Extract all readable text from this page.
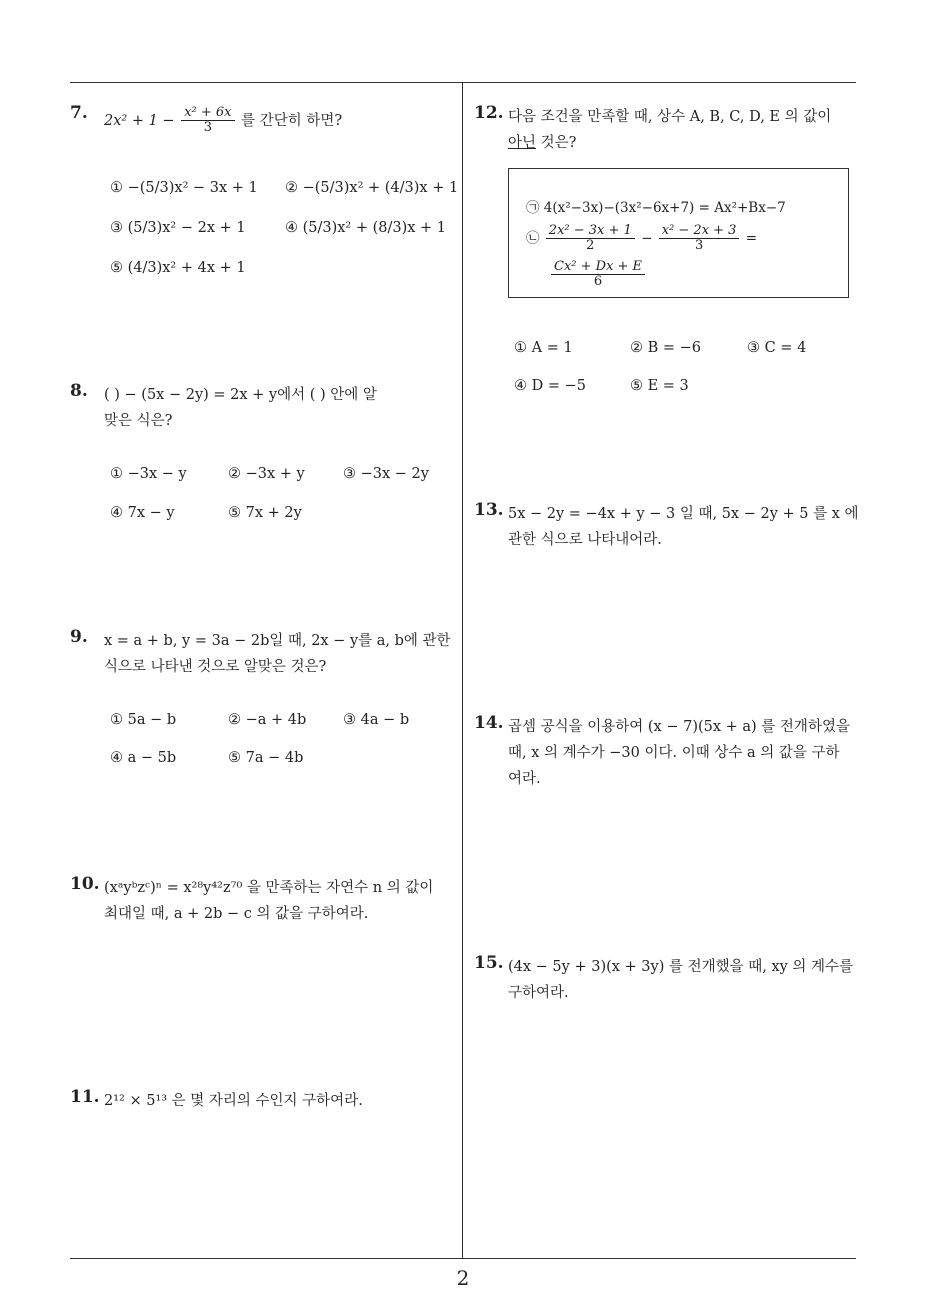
7. $2x^2 + 1 - \frac{\text{x² + 6x}}{3}$ 를 간단히 하면?
① −(5/3)x² − 3x + 1 ② −(5/3)x² + (4/3)x + 1
③ (5/3)x² − 2x + 1	④ (5/3)x² + (8/3)x + 1
⑤ (4/3)x² + 4x + 1
8. ( ) − (5x − 2y) = 2x + y에서 ( ) 안에 알
맞은 식은?
① −3x − y	② −3x + y	③ −3x − 2y
④ 7x − y	⑤ 7x + 2y
9. x = a + b, y = 3a − 2b일 때, 2x − y를 a, b에 관한
식으로 나타낸 것으로 알맞은 것은?
① 5a − b	② −a + 4b	③ 4a − b
④ a − 5b	⑤ 7a − 4b
10. (xᵃyᵇzᶜ)ⁿ = x²⁸y⁴²z⁷⁰ 을 만족하는 자연수 n 의 값이
최대일 때, a + 2b − c 의 값을 구하여라.
11. 2¹² × 5¹³ 은 몇 자리의 수인지 구하여라.
12. 다음 조건을 만족할 때, 상수 A, B, C, D, E 의 값이
아닌 것은?
㉠ 4(x²−3x)−(3x²−6x+7) = Ax²+Bx−7
㉡ $\frac{\text{2x² − 3x + 1}}{2} - \frac{\text{x² − 2x + 3}}{3}$ =
$\frac{\text{Cx² + Dx + E}}{6}$
① A = 1	② B = −6	③ C = 4
④ D = −5	⑤ E = 3
13. 5x − 2y = −4x + y − 3 일 때, 5x − 2y + 5 를 x 에
관한 식으로 나타내어라.
14. 곱셈 공식을 이용하여 (x − 7)(5x + a) 를 전개하였을
때, x 의 계수가 −30 이다. 이때 상수 a 의 값을 구하
여라.
15. (4x − 5y + 3)(x + 3y) 를 전개했을 때, xy 의 계수를
구하여라.
2
